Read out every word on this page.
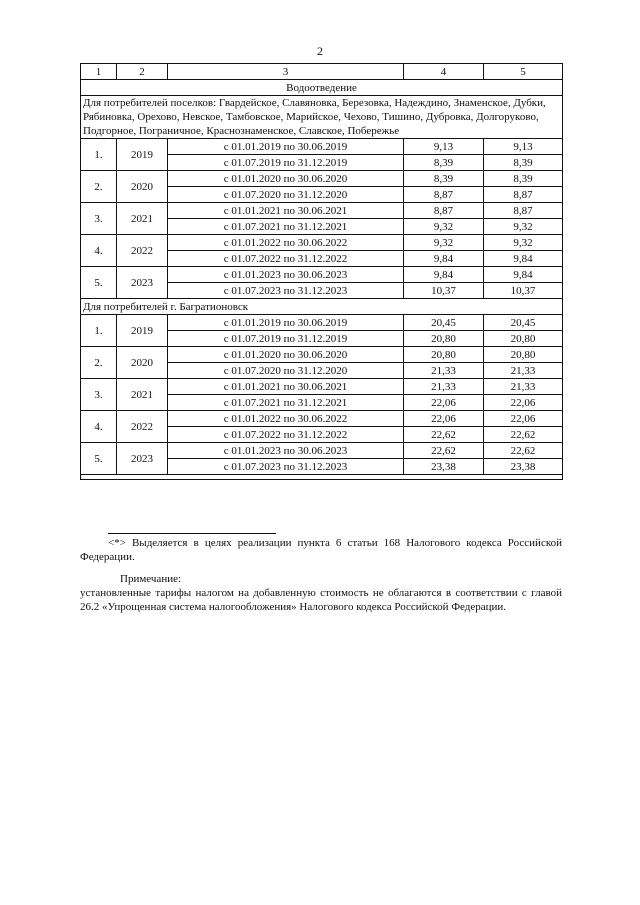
2
1	2	3	4	5
Водоотведение				
Для потребителей поселков: Гвардейское, Славяновка, Березовка, Надеждино, Знаменское, Дубки, Рябиновка, Орехово, Невское, Тамбовское, Марийское, Чехово, Тишино, Дубровка, Долгоруково, Подгорное, Пограничное, Краснознаменское, Славское, Побережье				
1.	2019	с 01.01.2019 по 30.06.2019	9,13	9,13
		с 01.07.2019 по 31.12.2019	8,39	8,39
2.	2020	с 01.01.2020 по 30.06.2020	8,39	8,39
		с 01.07.2020 по 31.12.2020	8,87	8,87
3.	2021	с 01.01.2021 по 30.06.2021	8,87	8,87
		с 01.07.2021 по 31.12.2021	9,32	9,32
4.	2022	с 01.01.2022 по 30.06.2022	9,32	9,32
		с 01.07.2022 по 31.12.2022	9,84	9,84
5.	2023	с 01.01.2023 по 30.06.2023	9,84	9,84
		с 01.07.2023 по 31.12.2023	10,37	10,37
Для потребителей г. Багратионовск				
1.	2019	с 01.01.2019 по 30.06.2019	20,45	20,45
		с 01.07.2019 по 31.12.2019	20,80	20,80
2.	2020	с 01.01.2020 по 30.06.2020	20,80	20,80
		с 01.07.2020 по 31.12.2020	21,33	21,33
3.	2021	с 01.01.2021 по 30.06.2021	21,33	21,33
		с 01.07.2021 по 31.12.2021	22,06	22,06
4.	2022	с 01.01.2022 по 30.06.2022	22,06	22,06
		с 01.07.2022 по 31.12.2022	22,62	22,62
5.	2023	с 01.01.2023 по 30.06.2023	22,62	22,62
		с 01.07.2023 по 31.12.2023	23,38	23,38

<*> Выделяется в целях реализации пункта 6 статьи 168 Налогового кодекса Российской Федерации.
Примечание:
установленные тарифы налогом на добавленную стоимость не облагаются в соответствии с главой 26.2 «Упрощенная система налогообложения» Налогового кодекса Российской Федерации.
